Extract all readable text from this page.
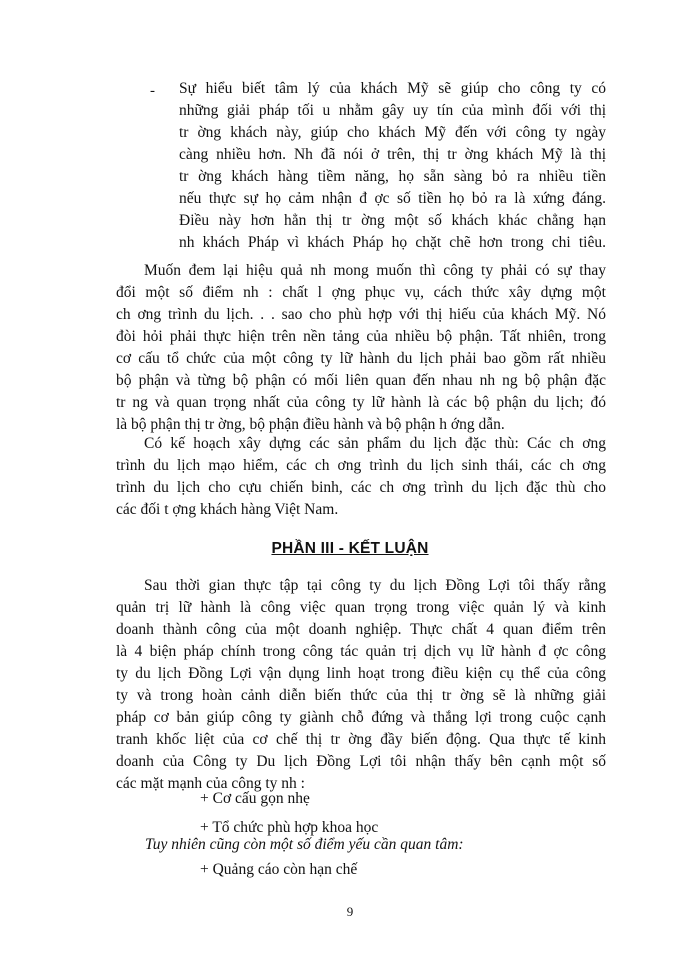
- Sự hiểu biết tâm lý của khách Mỹ sẽ giúp cho công ty có
những giải pháp tối u nhằm gây uy tín của mình đối với thị
tr ờng khách này, giúp cho khách Mỹ đến với công ty ngày
càng nhiều hơn. Nh đã nói ở trên, thị tr ờng khách Mỹ là thị
tr ờng khách hàng tiềm năng, họ sẵn sàng bỏ ra nhiều tiền
nếu thực sự họ cảm nhận đ ợc số tiền họ bỏ ra là xứng đáng.
Điều này hơn hẳn thị tr ờng một số khách khác chẳng hạn
nh khách Pháp vì khách Pháp họ chặt chẽ hơn trong chi tiêu.
Muốn đem lại hiệu quả nh mong muốn thì công ty phải có sự thay
đổi một số điểm nh : chất l ợng phục vụ, cách thức xây dựng một
ch ơng trình du lịch. . . sao cho phù hợp với thị hiếu của khách Mỹ. Nó
đòi hỏi phải thực hiện trên nền tảng của nhiều bộ phận. Tất nhiên, trong
cơ cấu tổ chức của một công ty lữ hành du lịch phải bao gồm rất nhiều
bộ phận và từng bộ phận có mối liên quan đến nhau nh ng bộ phận đặc
tr ng và quan trọng nhất của công ty lữ hành là các bộ phận du lịch; đó
là bộ phận thị tr ờng, bộ phận điều hành và bộ phận h ớng dẫn.
Có kế hoạch xây dựng các sản phẩm du lịch đặc thù: Các ch ơng
trình du lịch mạo hiểm, các ch ơng trình du lịch sinh thái, các ch ơng
trình du lịch cho cựu chiến binh, các ch ơng trình du lịch đặc thù cho
các đối t ợng khách hàng Việt Nam.
PHẦN III - KẾT LUẬN
Sau thời gian thực tập tại công ty du lịch Đồng Lợi tôi thấy rằng
quản trị lữ hành là công việc quan trọng trong việc quản lý và kinh
doanh thành công của một doanh nghiệp. Thực chất 4 quan điểm trên
là 4 biện pháp chính trong công tác quản trị dịch vụ lữ hành đ ợc công
ty du lịch Đồng Lợi vận dụng linh hoạt trong điều kiện cụ thể của công
ty và trong hoàn cảnh diễn biến thức của thị tr ờng sẽ là những giải
pháp cơ bản giúp công ty giành chỗ đứng và thắng lợi trong cuộc cạnh
tranh khốc liệt của cơ chế thị tr ờng đầy biến động. Qua thực tế kinh
doanh của Công ty Du lịch Đồng Lợi tôi nhận thấy bên cạnh một số
các mặt mạnh của công ty nh :
+ Cơ cấu gọn nhẹ
+ Tổ chức phù hợp khoa học
Tuy nhiên cũng còn một số điểm yếu cần quan tâm:
+ Quảng cáo còn hạn chế
9
